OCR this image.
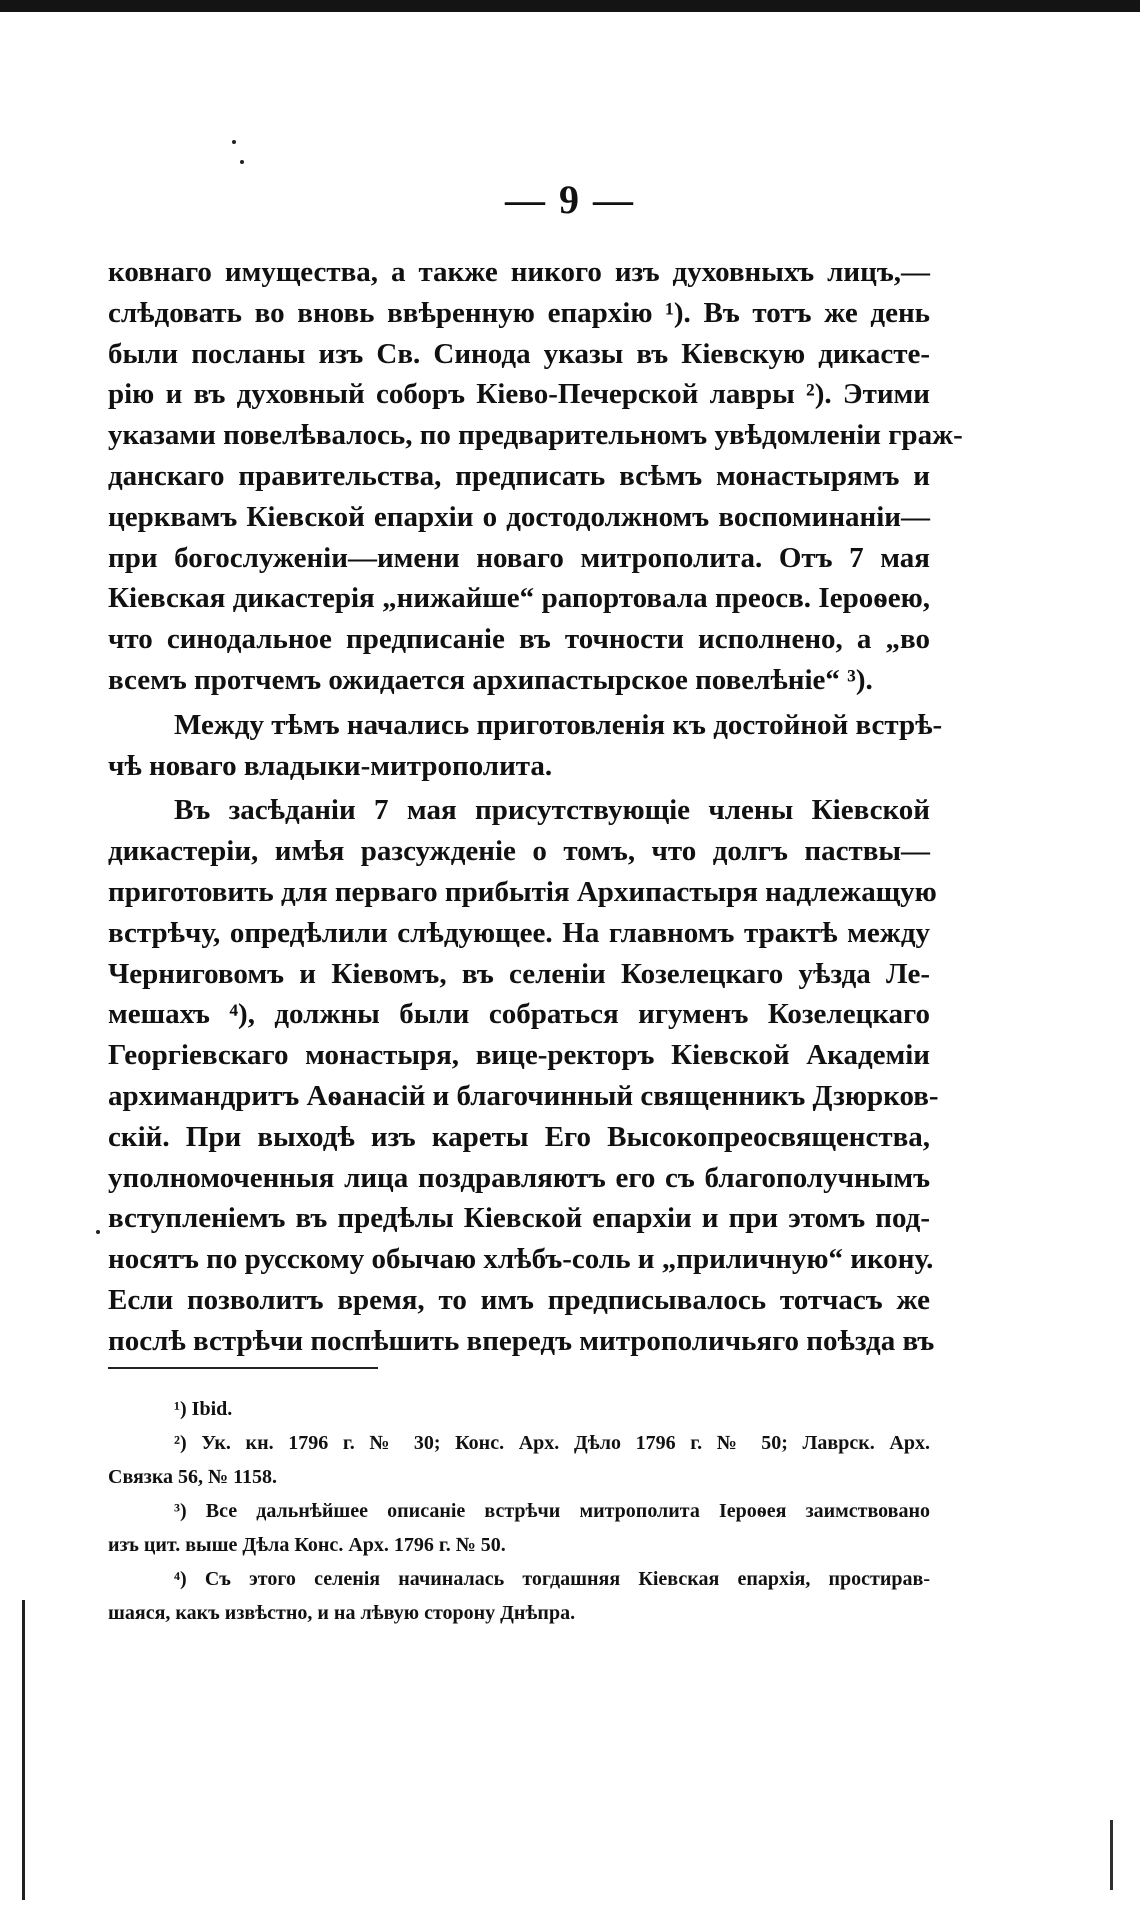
— 9 —
ковнаго имущества, а также никого изъ духовныхъ лицъ,—
слѣдовать во вновь ввѣренную епархію ¹). Въ тотъ же день
были посланы изъ Св. Синода указы въ Кіевскую дикасте-
рію и въ духовный соборъ Кіево-Печерской лавры ²). Этими
указами повелѣвалось, по предварительномъ увѣдомленіи граж-
данскаго правительства, предписать всѣмъ монастырямъ и
церквамъ Кіевской епархіи о достодолжномъ воспоминаніи—
при богослуженіи—имени новаго митрополита. Отъ 7 мая
Кіевская дикастерія „нижайше“ рапортовала преосв. Іероѳею,
что синодальное предписаніе въ точности исполнено, а „во
всемъ протчемъ ожидается архипастырское повелѣніе“ ³).
Между тѣмъ начались приготовленія къ достойной встрѣ-
чѣ новаго владыки-митрополита.
Въ засѣданіи 7 мая присутствующіе члены Кіевской
дикастеріи, имѣя разсужденіе о томъ, что долгъ паствы—
приготовить для перваго прибытія Архипастыря надлежащую
встрѣчу, опредѣлили слѣдующее. На главномъ трактѣ между
Черниговомъ и Кіевомъ, въ селеніи Козелецкаго уѣзда Ле-
мешахъ ⁴), должны были собраться игуменъ Козелецкаго
Георгіевскаго монастыря, вице-ректоръ Кіевской Академіи
архимандритъ Аѳанасій и благочинный священникъ Дзюрков-
скій. При выходѣ изъ кареты Его Высокопреосвященства,
уполномоченныя лица поздравляютъ его съ благополучнымъ
вступленіемъ въ предѣлы Кіевской епархіи и при этомъ под-
носятъ по русскому обычаю хлѣбъ-соль и „приличную“ икону.
Если позволитъ время, то имъ предписывалось тотчасъ же
послѣ встрѣчи поспѣшить впередъ митрополичьяго поѣзда въ
¹) Ibid.
²) Ук. кн. 1796 г. № 30; Конс. Арх. Дѣло 1796 г. № 50; Лаврск. Арх.
Связка 56, № 1158.
³) Все дальнѣйшее описаніе встрѣчи митрополита Іероѳея заимствовано
изъ цит. выше Дѣла Конс. Арх. 1796 г. № 50.
⁴) Съ этого селенія начиналась тогдашняя Кіевская епархія, простирав-
шаяся, какъ извѣстно, и на лѣвую сторону Днѣпра.
